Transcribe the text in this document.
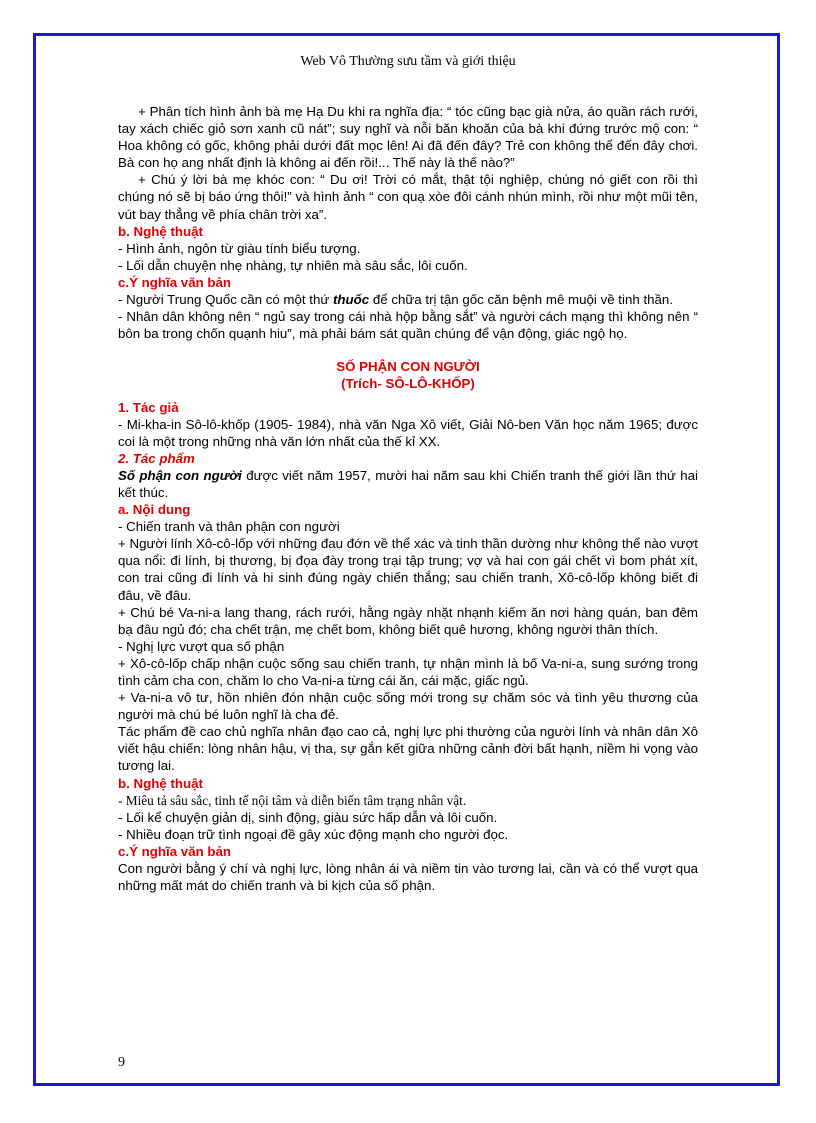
Web Vô Thường sưu tầm và giới thiệu

+ Phân tích hình ảnh bà mẹ Hạ Du khi ra nghĩa địa: “ tóc cũng bạc già nửa, áo quần rách rưới, tay xách chiếc giỏ sơn xanh cũ nát”; suy nghĩ và nỗi băn khoăn của bà khi đứng trước mộ con: “ Hoa không có gốc, không phải dưới đất mọc lên! Ai đã đến đây? Trẻ con không thể đến đây chơi. Bà con họ ang nhất định là không ai đến rồi!... Thế này là thế nào?”

+ Chú ý lời bà mẹ khóc con: “ Du ơi! Trời có mắt, thật tội nghiệp, chúng nó giết con rồi thì chúng nó sẽ bị báo ứng thôi!” và hình ảnh “ con quạ xòe đôi cánh nhún mình, rồi như một mũi tên, vút bay thẳng về phía chân trời xa”.

b. Nghệ thuật

- Hình ảnh, ngôn từ giàu tính biểu tượng.

- Lối dẫn chuyện nhẹ nhàng, tự nhiên mà sâu sắc, lôi cuốn.

c.Ý nghĩa văn bản

- Người Trung Quốc cần có một thứ thuốc để chữa trị tận gốc căn bệnh mê muội về tinh thần.

- Nhân dân không nên “ ngủ say trong cái nhà hộp bằng sắt” và người cách mạng thì không nên “ bôn ba trong chốn quạnh hiu”, mà phải bám sát quần chúng để vận động, giác ngộ họ.

SỐ PHẬN CON NGƯỜI

(Trích- SÔ-LÔ-KHỐP)

1. Tác giả

- Mi-kha-in Sô-lô-khốp (1905- 1984), nhà văn Nga Xô viết, Giải Nô-ben Văn học năm 1965; được coi là một trong những nhà văn lớn nhất của thế kỉ XX.

2. Tác phẩm

Số phận con người được viết năm 1957, mười hai năm sau khi Chiến tranh thế giới lần thứ hai kết thúc.

a. Nội dung

- Chiến tranh và thân phận con người

+ Người lính Xô-cô-lốp với những đau đớn về thể xác và tinh thần dường như không thể nào vượt qua nổi: đi lính, bị thương, bị đọa đày trong trại tập trung; vợ và hai con gái chết vì bom phát xít, con trai cũng đi lính và hi sinh đúng ngày chiến thắng; sau chiến tranh, Xô-cô-lốp không biết đi đâu, về đâu.

+ Chú bé Va-ni-a lang thang, rách rưới, hằng ngày nhặt nhạnh kiếm ăn nơi hàng quán, ban đêm bạ đâu ngủ đó; cha chết trận, mẹ chết bom, không biết quê hương, không người thân thích.

- Nghị lực vượt qua số phận

+ Xô-cô-lốp chấp nhận cuộc sống sau chiến tranh, tự nhận mình là bố Va-ni-a, sung sướng trong tình cảm cha con, chăm lo cho Va-ni-a từng cái ăn, cái mặc, giấc ngủ.

+ Va-ni-a vô tư, hồn nhiên đón nhận cuộc sống mới trong sự chăm sóc và tình yêu thương của người mà chú bé luôn nghĩ là cha đẻ.

Tác phẩm đề cao chủ nghĩa nhân đạo cao cả, nghị lực phi thường của người lính và nhân dân Xô viết hậu chiến: lòng nhân hậu, vị tha, sự gắn kết giữa những cảnh đời bất hạnh, niềm hi vọng vào tương lai.

b. Nghệ thuật

- Miêu tả sâu sắc, tinh tế nội tâm và diễn biến tâm trạng nhân vật.

- Lối kể chuyện giản dị, sinh động, giàu sức hấp dẫn và lôi cuốn.

- Nhiều đoạn trữ tình ngoại đề gây xúc động mạnh cho người đọc.

c.Ý nghĩa văn bản

Con người bằng ý chí và nghị lực, lòng nhân ái và niềm tin vào tương lai, cần và có thể vượt qua những mất mát do chiến tranh và bi kịch của số phận.

9
